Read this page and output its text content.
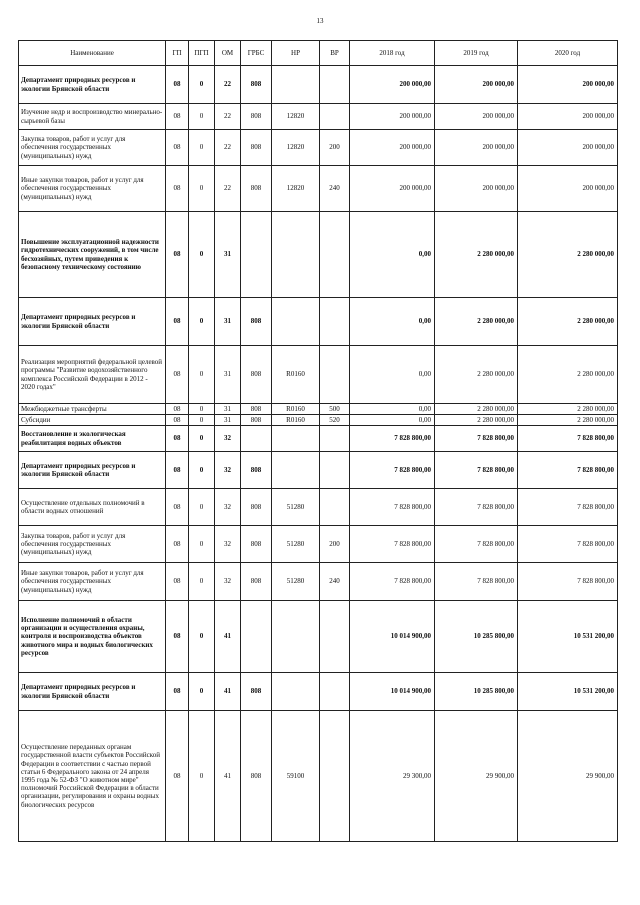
13
Наименование	ГП	ПГП	ОМ	ГРБС	НР	ВР	2018 год	2019 год	2020 год
Департамент природных ресурсов и экологии Брянской области	08	0	22	808			200 000,00	200 000,00	200 000,00
Изучение недр и воспроизводство минерально-сырьевой базы	08	0	22	808	12820		200 000,00	200 000,00	200 000,00
Закупка товаров, работ и услуг для обеспечения государственных (муниципальных) нужд	08	0	22	808	12820	200	200 000,00	200 000,00	200 000,00
Иные закупки товаров, работ и услуг для обеспечения государственных (муниципальных) нужд	08	0	22	808	12820	240	200 000,00	200 000,00	200 000,00
Повышение эксплуатационной надежности гидротехнических сооружений, в том числе бесхозяйных, путем приведения к безопасному техническому состоянию	08	0	31				0,00	2 280 000,00	2 280 000,00
Департамент природных ресурсов и экологии Брянской области	08	0	31	808			0,00	2 280 000,00	2 280 000,00
Реализация мероприятий федеральной целевой программы "Развитие водохозяйственного комплекса Российской Федерации в 2012 - 2020 годах"	08	0	31	808	R0160		0,00	2 280 000,00	2 280 000,00
Межбюджетные трансферты	08	0	31	808	R0160	500	0,00	2 280 000,00	2 280 000,00
Субсидии	08	0	31	808	R0160	520	0,00	2 280 000,00	2 280 000,00
Восстановление и экологическая реабилитация водных объектов	08	0	32				7 828 800,00	7 828 800,00	7 828 800,00
Департамент природных ресурсов и экологии Брянской области	08	0	32	808			7 828 800,00	7 828 800,00	7 828 800,00
Осуществление отдельных полномочий в области водных отношений	08	0	32	808	51280		7 828 800,00	7 828 800,00	7 828 800,00
Закупка товаров, работ и услуг для обеспечения государственных (муниципальных) нужд	08	0	32	808	51280	200	7 828 800,00	7 828 800,00	7 828 800,00
Иные закупки товаров, работ и услуг для обеспечения государственных (муниципальных) нужд	08	0	32	808	51280	240	7 828 800,00	7 828 800,00	7 828 800,00
Исполнение полномочий в области организации и осуществления охраны, контроля и воспроизводства объектов животного мира и водных биологических ресурсов	08	0	41				10 014 900,00	10 285 800,00	10 531 200,00
Департамент природных ресурсов и экологии Брянской области	08	0	41	808			10 014 900,00	10 285 800,00	10 531 200,00
Осуществление переданных органам государственной власти субъектов Российской Федерации в соответствии с частью первой статьи 6 Федерального закона от 24 апреля 1995 года № 52-ФЗ "О животном мире" полномочий Российской Федерации в области организации, регулирования и охраны водных биологических ресурсов	08	0	41	808	59100		29 300,00	29 900,00	29 900,00
